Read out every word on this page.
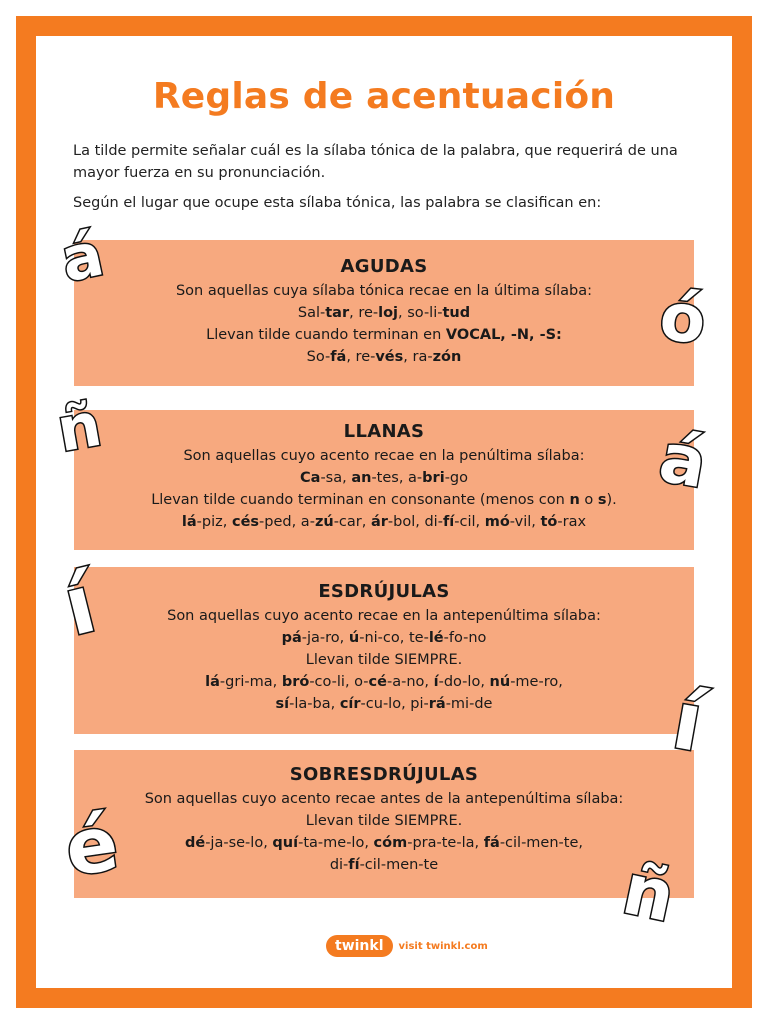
Reglas de acentuación
La tilde permite señalar cuál es la sílaba tónica de la palabra, que requerirá de una mayor fuerza en su pronunciación.
Según el lugar que ocupe esta sílaba tónica, las palabra se clasifican en:
AGUDAS
Son aquellas cuya sílaba tónica recae en la última sílaba:
Sal-tar, re-loj, so-li-tud
Llevan tilde cuando terminan en VOCAL, -N, -S:
So-fá, re-vés, ra-zón
LLANAS
Son aquellas cuyo acento recae en la penúltima sílaba:
Ca-sa, an-tes, a-bri-go
Llevan tilde cuando terminan en consonante (menos con n o s).
lá-piz, cés-ped, a-zú-car, ár-bol, di-fí-cil, mó-vil, tó-rax
ESDRÚJULAS
Son aquellas cuyo acento recae en la antepenúltima sílaba:
pá-ja-ro, ú-ni-co, te-lé-fo-no
Llevan tilde SIEMPRE.
lá-gri-ma, bró-co-li, o-cé-a-no, í-do-lo, nú-me-ro,
sí-la-ba, cír-cu-lo, pi-rá-mi-de
SOBRESDRÚJULAS
Son aquellas cuyo acento recae antes de la antepenúltima sílaba:
Llevan tilde SIEMPRE.
dé-ja-se-lo, quí-ta-me-lo, cóm-pra-te-la, fá-cil-men-te,
di-fí-cil-men-te
á
ó
ñ	á
í
í
é	ñ
twinkl	visit twinkl.com
